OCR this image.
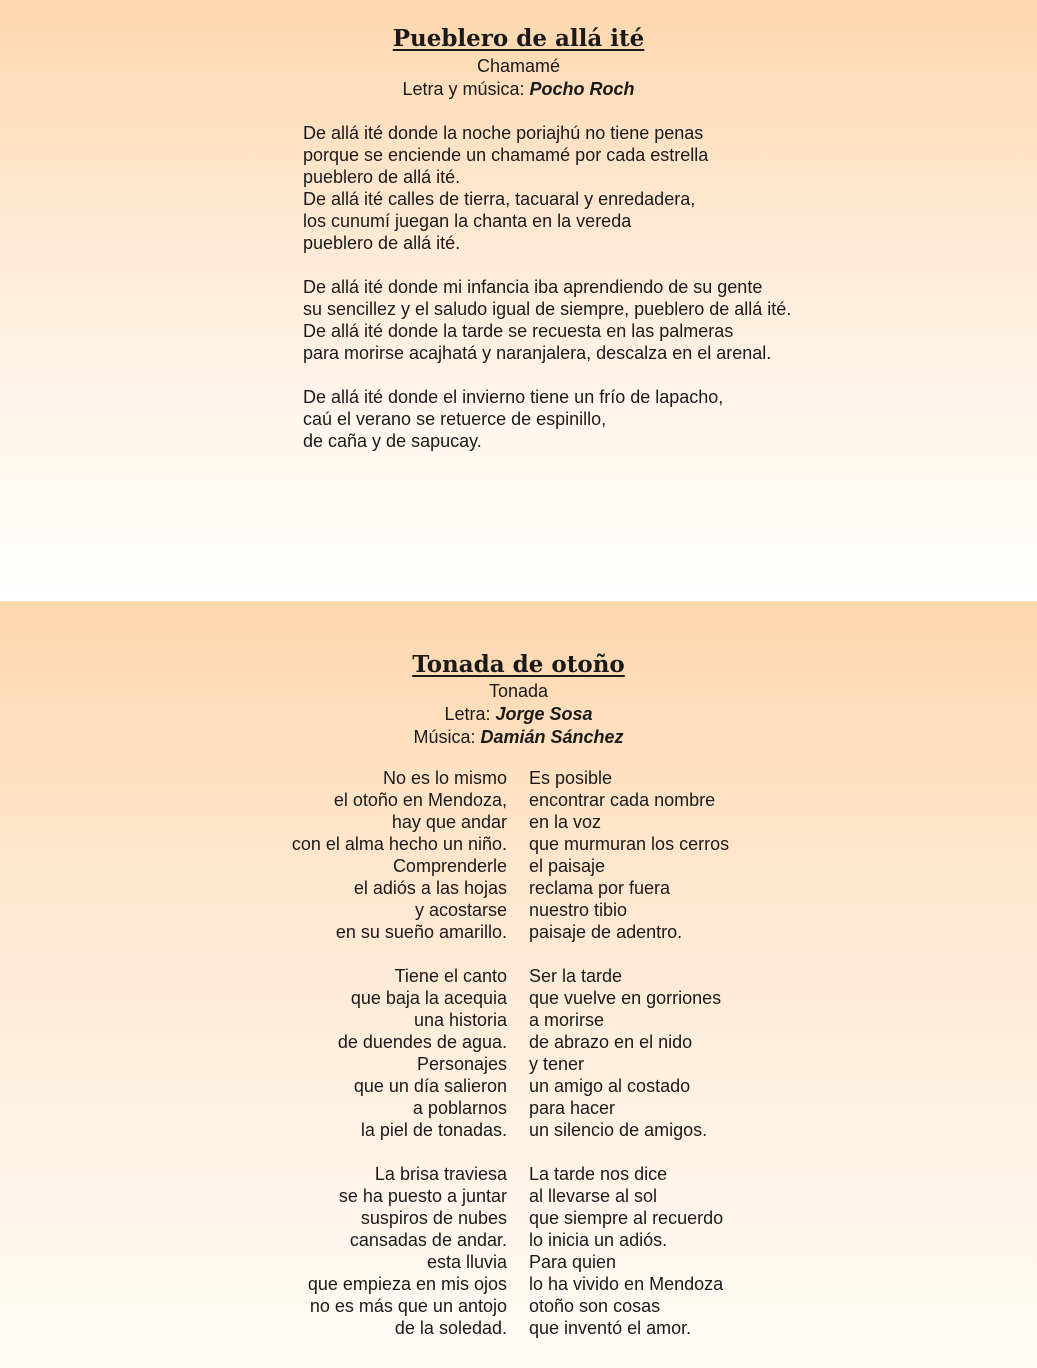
Pueblero de allá ité
Chamamé
Letra y música: Pocho Roch
De allá ité donde la noche poriajhú no tiene penas
porque se enciende un chamamé por cada estrella
pueblero de allá ité.
De allá ité calles de tierra, tacuaral y enredadera,
los cunumí juegan la chanta en la vereda
pueblero de allá ité.
De allá ité donde mi infancia iba aprendiendo de su gente
su sencillez y el saludo igual de siempre, pueblero de allá ité.
De allá ité donde la tarde se recuesta en las palmeras
para morirse acajhatá y naranjalera, descalza en el arenal.
De allá ité donde el invierno tiene un frío de lapacho,
caú el verano se retuerce de espinillo,
de caña y de sapucay.
Tonada de otoño
Tonada
Letra: Jorge Sosa
Música: Damián Sánchez
No es lo mismo
el otoño en Mendoza,
hay que andar
con el alma hecho un niño.
Comprenderle
el adiós a las hojas
y acostarse
en su sueño amarillo.
Tiene el canto
que baja la acequia
una historia
de duendes de agua.
Personajes
que un día salieron
a poblarnos
la piel de tonadas.
La brisa traviesa
se ha puesto a juntar
suspiros de nubes
cansadas de andar.
esta lluvia
que empieza en mis ojos
no es más que un antojo
de la soledad.
Es posible
encontrar cada nombre
en la voz
que murmuran los cerros
el paisaje
reclama por fuera
nuestro tibio
paisaje de adentro.
Ser la tarde
que vuelve en gorriones
a morirse
de abrazo en el nido
y tener
un amigo al costado
para hacer
un silencio de amigos.
La tarde nos dice
al llevarse al sol
que siempre al recuerdo
lo inicia un adiós.
Para quien
lo ha vivido en Mendoza
otoño son cosas
que inventó el amor.
